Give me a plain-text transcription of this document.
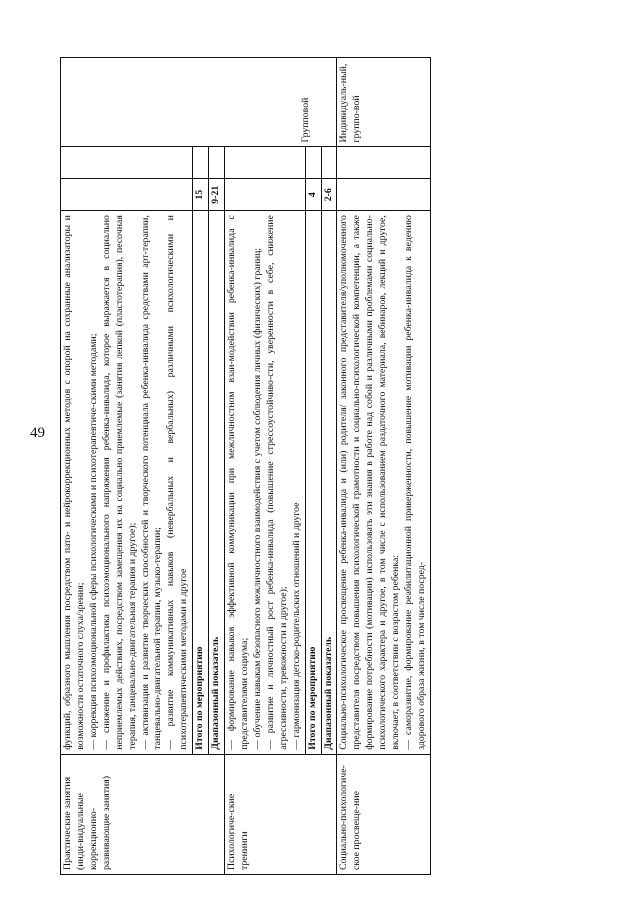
49
Практические занятия (инди-видуальные коррекционно-развивающие занятия)	функций, образного мышления посредством пато- и нейрокоррекционных методов с опорой на сохранные анализаторы и возможности остаточного слуха/зрения; — коррекция психоэмоциональной сферы психологическими и психотерапевтиче-скими методами; — снижение и профилактика психоэмоционального напряжения ребенка-инвалида, которое выражается в социально неприемлемых действиях, посредством замещения их на социально приемлемые (занятия лепкой (пластотерапия), песочная терапия, танцевально-двигательная терапия и другое); — активизация и развитие творческих способностей и творческого потенциала ребенка-инвалида средствами арт-терапии, танцевально-двигательной терапии, музыко-терапии; — развитие коммуникативных навыков (невербальных и вербальных) различными психологическими и психотерапевтическими методами и другое			Групповой

	Итого по мероприятию	15		
	Диапазонный показатель	9-21		
Психологиче-ские тренинги	— формирование навыков эффективной коммуникации при межличностном взаи-модействии ребенка-инвалида с представителями социума; — обучение навыкам безопасного межличностного взаимодействия с учетом соблюдения личных (физических) границ; — развитие и личностный рост ребенка-инвалида (повышение стрессоустойчиво-сти, уверенности в себе, снижение агрессивности, тревожности и другое); — гармонизация детско-родительских отношений и другое			

	Итого по мероприятию	4		
	Диапазонный показатель	2-6		
Социально-психологиче-ское просвеще-ние	Социально-психологическое просвещение ребенка-инвалида и (или) родителя/ законного представителя/уполномоченного представителя посредством повышения психологической грамотности и социально-психологической компетенции, а также формирование потребности (мотивации) использовать эти знания в работе над собой и различными проблемами социально-психологического характера и другое, в том числе с использованием раздаточного материала, вебинаров, лекций и другое, включает, в соответствии с возрастом ребенка: — саморазвитие, формирование реабилитационной приверженности, повышение мотивации ребенка-инвалида к ведению здорового образа жизни, в том числе посред-			Индивидуаль-ный, группо-вой
